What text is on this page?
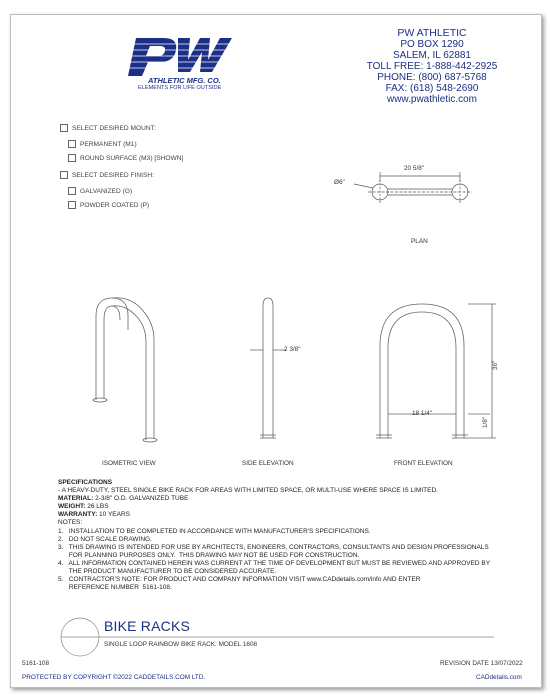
ATHLETIC MFG. CO.
ELEMENTS FOR LIFE OUTSIDE
PW ATHLETIC
PO BOX 1290
SALEM, IL 62881
TOLL FREE: 1-888-442-2925
PHONE: (800) 687-5768
FAX: (618) 548-2690
www.pwathletic.com
SELECT DESIRED MOUNT:
PERMANENT (M1)
ROUND SURFACE (M3) [SHOWN]
SELECT DESIRED FINISH:
GALVANIZED (G)
POWDER COATED (P)
20 5/8"
Ø6"
PLAN
ISOMETRIC VIEW
2 3/8"
SIDE ELEVATION
18 1/4"
36"
1/8"
FRONT ELEVATION
SPECIFICATIONS
- A HEAVY-DUTY, STEEL SINGLE BIKE RACK FOR AREAS WITH LIMITED SPACE, OR MULTI-USE WHERE SPACE IS LIMITED.
MATERIAL: 2-3/8" O.D. GALVANIZED TUBE
WEIGHT: 26 LBS
WARRANTY: 10 YEARS
NOTES:
1.   INSTALLATION TO BE COMPLETED IN ACCORDANCE WITH MANUFACTURER'S SPECIFICATIONS.
2.   DO NOT SCALE DRAWING.
3.   THIS DRAWING IS INTENDED FOR USE BY ARCHITECTS, ENGINEERS, CONTRACTORS, CONSULTANTS AND DESIGN PROFESSIONALS
FOR PLANNING PURPOSES ONLY.  THIS DRAWING MAY NOT BE USED FOR CONSTRUCTION.
4.   ALL INFORMATION CONTAINED HEREIN WAS CURRENT AT THE TIME OF DEVELOPMENT BUT MUST BE REVIEWED AND APPROVED BY
THE PRODUCT MANUFACTURER TO BE CONSIDERED ACCURATE.
5.   CONTRACTOR'S NOTE: FOR PRODUCT AND COMPANY INFORMATION VISIT www.CADdetails.com/info AND ENTER
REFERENCE NUMBER  5161-108.
BIKE RACKS
SINGLE LOOP RAINBOW BIKE RACK: MODEL 1608
5161-108	REVISION DATE 13/07/2022
PROTECTED BY COPYRIGHT ©2022 CADDETAILS.COM LTD.	CADdetails.com
